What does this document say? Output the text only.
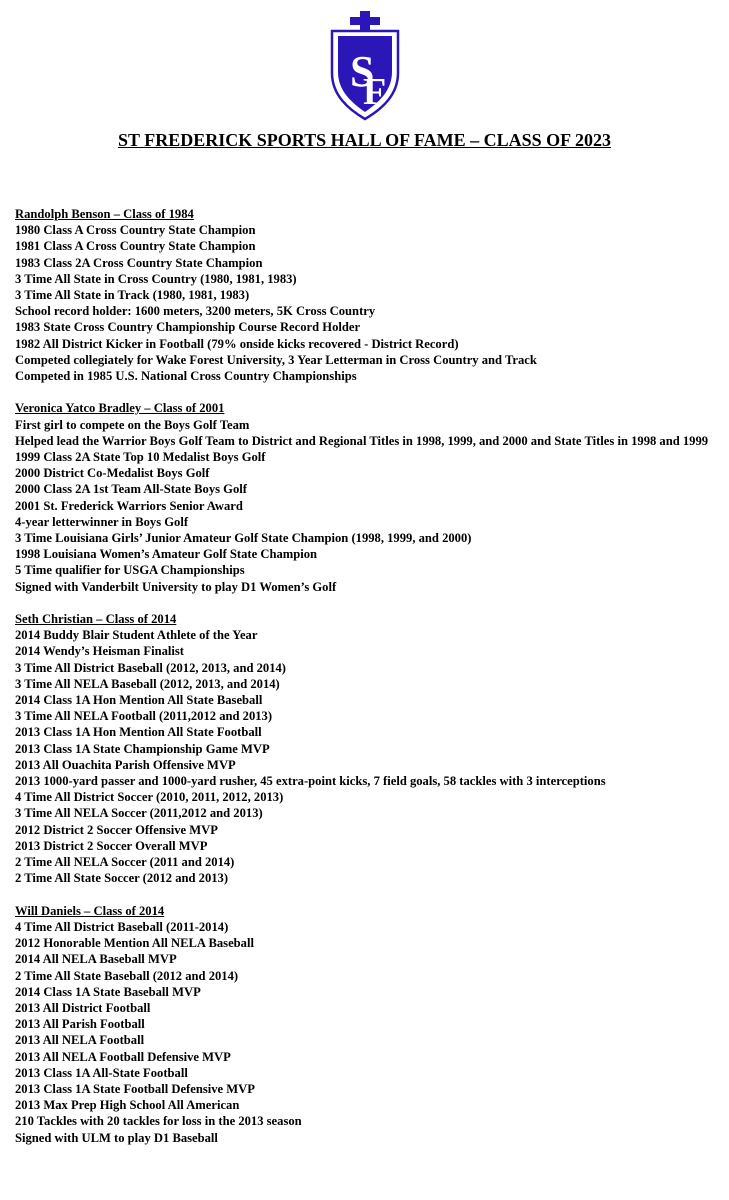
S
F
ST FREDERICK SPORTS HALL OF FAME – CLASS OF 2023
Randolph Benson – Class of 1984
1980 Class A Cross Country State Champion
1981 Class A Cross Country State Champion
1983 Class 2A Cross Country State Champion
3 Time All State in Cross Country (1980, 1981, 1983)
3 Time All State in Track (1980, 1981, 1983)
School record holder: 1600 meters, 3200 meters, 5K Cross Country
1983 State Cross Country Championship Course Record Holder
1982 All District Kicker in Football (79% onside kicks recovered - District Record)
Competed collegiately for Wake Forest University, 3 Year Letterman in Cross Country and Track
Competed in 1985 U.S. National Cross Country Championships
Veronica Yatco Bradley – Class of 2001
First girl to compete on the Boys Golf Team
Helped lead the Warrior Boys Golf Team to District and Regional Titles in 1998, 1999, and 2000 and State Titles in 1998 and 1999
1999 Class 2A State Top 10 Medalist Boys Golf
2000 District Co-Medalist Boys Golf
2000 Class 2A 1st Team All-State Boys Golf
2001 St. Frederick Warriors Senior Award
4-year letterwinner in Boys Golf
3 Time Louisiana Girls’ Junior Amateur Golf State Champion (1998, 1999, and 2000)
1998 Louisiana Women’s Amateur Golf State Champion
5 Time qualifier for USGA Championships
Signed with Vanderbilt University to play D1 Women’s Golf
Seth Christian – Class of 2014
2014 Buddy Blair Student Athlete of the Year
2014 Wendy’s Heisman Finalist
3 Time All District Baseball (2012, 2013, and 2014)
3 Time All NELA Baseball (2012, 2013, and 2014)
2014 Class 1A Hon Mention All State Baseball
3 Time All NELA Football (2011,2012 and 2013)
2013 Class 1A Hon Mention All State Football
2013 Class 1A State Championship Game MVP
2013 All Ouachita Parish Offensive MVP
2013 1000-yard passer and 1000-yard rusher, 45 extra-point kicks, 7 field goals, 58 tackles with 3 interceptions
4 Time All District Soccer (2010, 2011, 2012, 2013)
3 Time All NELA Soccer (2011,2012 and 2013)
2012 District 2 Soccer Offensive MVP
2013 District 2 Soccer Overall MVP
2 Time All NELA Soccer (2011 and 2014)
2 Time All State Soccer (2012 and 2013)
Will Daniels – Class of 2014
4 Time All District Baseball (2011-2014)
2012 Honorable Mention All NELA Baseball
2014 All NELA Baseball MVP
2 Time All State Baseball (2012 and 2014)
2014 Class 1A State Baseball MVP
2013 All District Football
2013 All Parish Football
2013 All NELA Football
2013 All NELA Football Defensive MVP
2013 Class 1A All-State Football
2013 Class 1A State Football Defensive MVP
2013 Max Prep High School All American
210 Tackles with 20 tackles for loss in the 2013 season
Signed with ULM to play D1 Baseball
